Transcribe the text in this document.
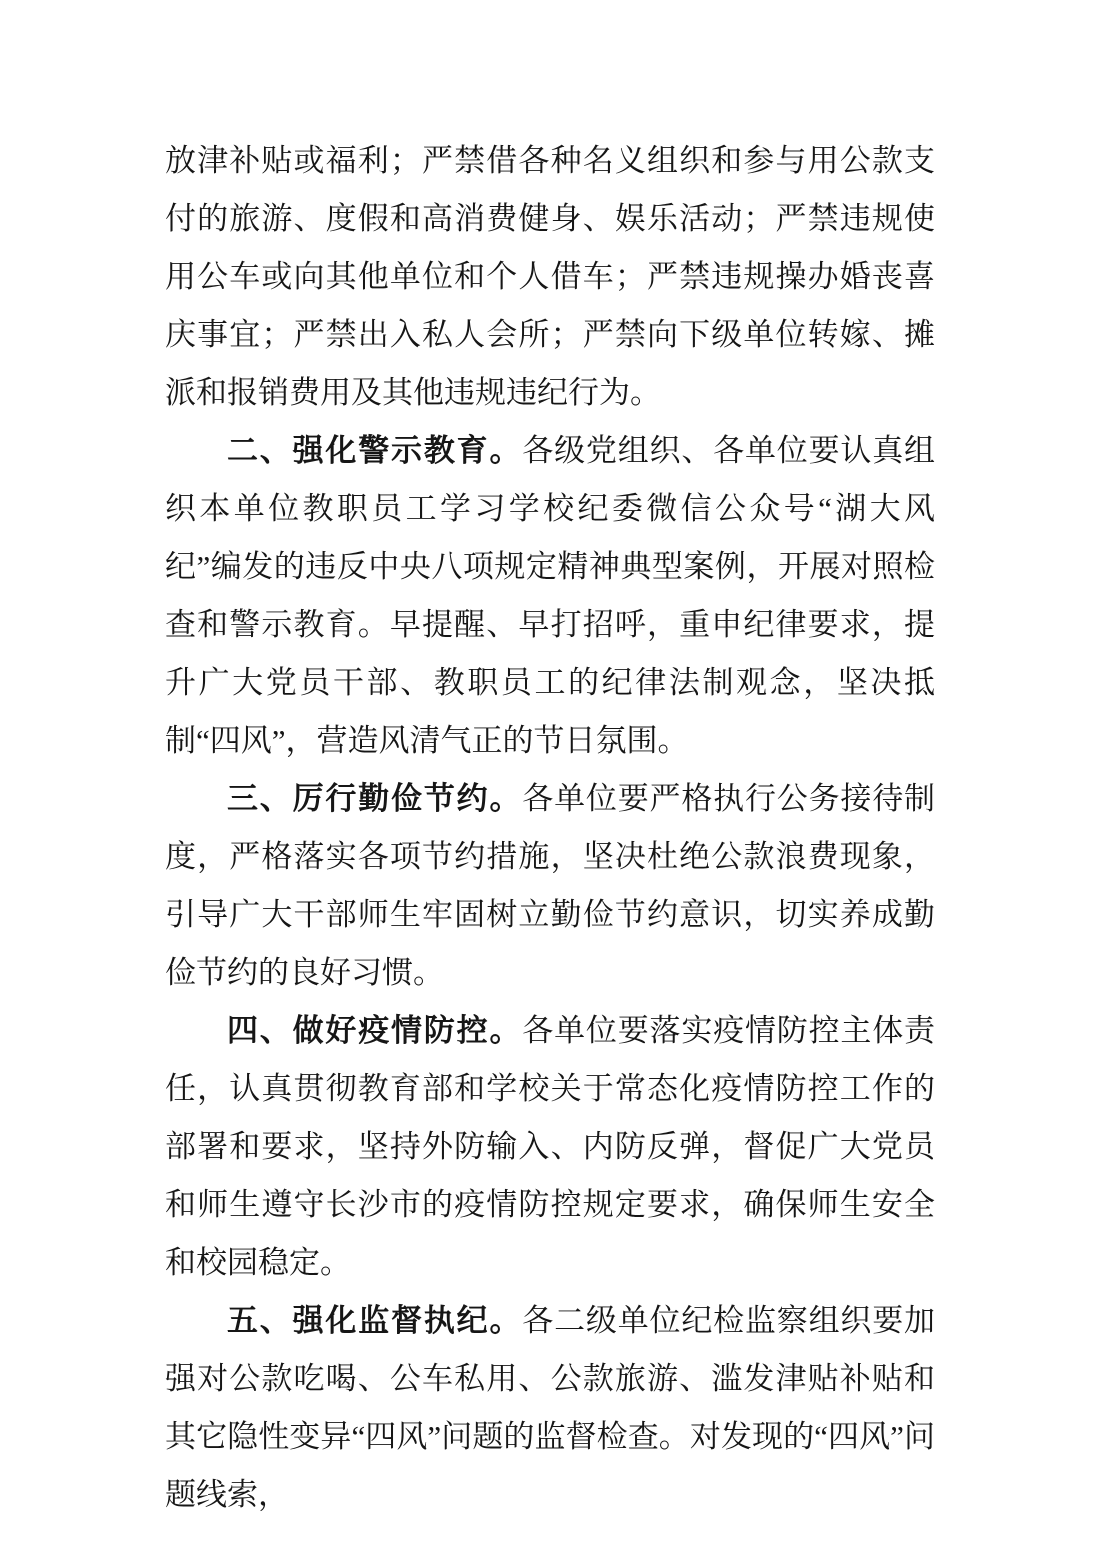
放津补贴或福利；严禁借各种名义组织和参与用公款支付的旅游、度假和高消费健身、娱乐活动；严禁违规使用公车或向其他单位和个人借车；严禁违规操办婚丧喜庆事宜；严禁出入私人会所；严禁向下级单位转嫁、摊派和报销费用及其他违规违纪行为。

二、强化警示教育。各级党组织、各单位要认真组织本单位教职员工学习学校纪委微信公众号“湖大风纪”编发的违反中央八项规定精神典型案例，开展对照检查和警示教育。早提醒、早打招呼，重申纪律要求，提升广大党员干部、教职员工的纪律法制观念，坚决抵制“四风”，营造风清气正的节日氛围。

三、厉行勤俭节约。各单位要严格执行公务接待制度，严格落实各项节约措施，坚决杜绝公款浪费现象，引导广大干部师生牢固树立勤俭节约意识，切实养成勤俭节约的良好习惯。

四、做好疫情防控。各单位要落实疫情防控主体责任，认真贯彻教育部和学校关于常态化疫情防控工作的部署和要求，坚持外防输入、内防反弹，督促广大党员和师生遵守长沙市的疫情防控规定要求，确保师生安全和校园稳定。

五、强化监督执纪。各二级单位纪检监察组织要加强对公款吃喝、公车私用、公款旅游、滥发津贴补贴和其它隐性变异“四风”问题的监督检查。对发现的“四风”问题线索，
